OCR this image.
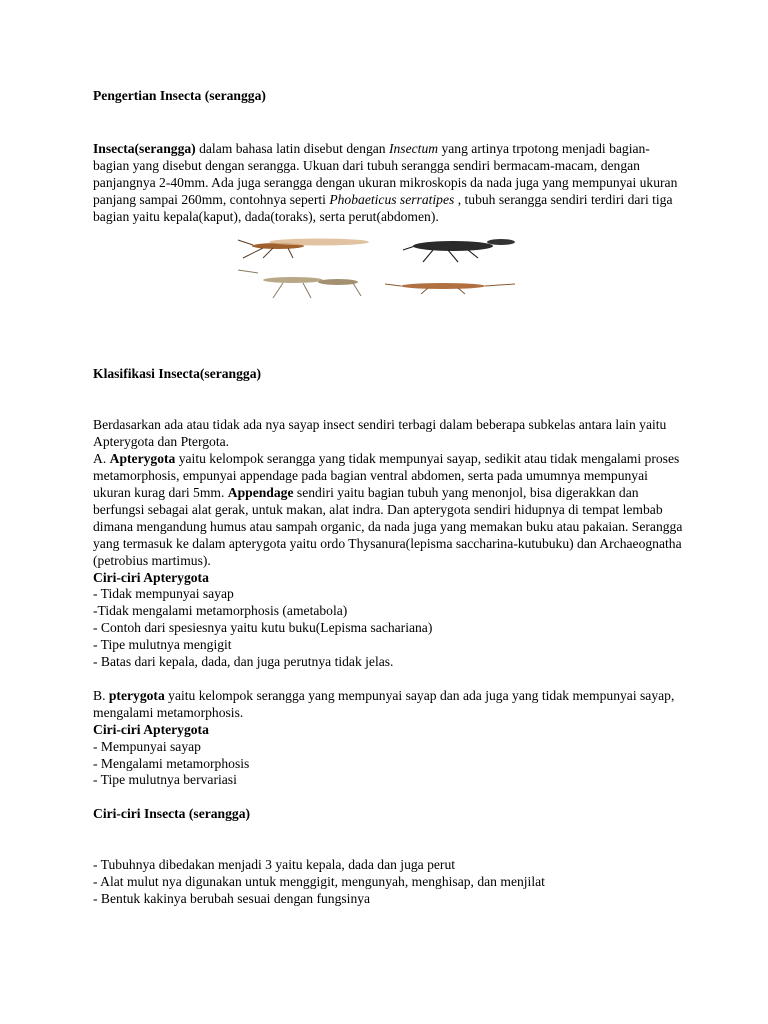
Pengertian Insecta (serangga)

Insecta(serangga) dalam bahasa latin disebut dengan Insectum yang artinya trpotong menjadi bagian-bagian yang disebut dengan serangga. Ukuan dari tubuh serangga sendiri bermacam-macam, dengan panjangnya 2-40mm. Ada juga serangga dengan ukuran mikroskopis da nada juga yang mempunyai ukuran panjang sampai 260mm, contohnya seperti Phobaeticus serratipes , tubuh serangga sendiri terdiri dari tiga bagian yaitu kepala(kaput), dada(toraks), serta perut(abdomen).

Klasifikasi Insecta(serangga)

Berdasarkan ada atau tidak ada nya sayap insect sendiri terbagi dalam beberapa subkelas antara lain yaitu Apterygota dan Ptergota.

A. Apterygota yaitu kelompok serangga yang tidak mempunyai sayap, sedikit atau tidak mengalami proses metamorphosis, empunyai appendage pada bagian ventral abdomen, serta pada umumnya mempunyai ukuran kurag dari 5mm. Appendage sendiri yaitu bagian tubuh yang menonjol, bisa digerakkan dan berfungsi sebagai alat gerak, untuk makan, alat indra. Dan apterygota sendiri hidupnya di tempat lembab dimana mengandung humus atau sampah organic, da nada juga yang memakan buku atau pakaian. Serangga yang termasuk ke dalam apterygota yaitu ordo Thysanura(lepisma saccharina-kutubuku) dan Archaeognatha (petrobius martimus).

Ciri-ciri Apterygota

- Tidak mempunyai sayap

-Tidak mengalami metamorphosis (ametabola)

- Contoh dari spesiesnya yaitu kutu buku(Lepisma sachariana)

- Tipe mulutnya mengigit

- Batas dari kepala, dada, dan juga perutnya tidak jelas.

B. pterygota yaitu kelompok serangga yang mempunyai sayap dan ada juga yang tidak mempunyai sayap, mengalami metamorphosis.

Ciri-ciri Apterygota

- Mempunyai sayap

- Mengalami metamorphosis

- Tipe mulutnya bervariasi

Ciri-ciri Insecta (serangga)

- Tubuhnya dibedakan menjadi 3 yaitu kepala, dada dan juga perut

- Alat mulut nya digunakan untuk menggigit, mengunyah, menghisap, dan menjilat

- Bentuk kakinya berubah sesuai dengan fungsinya
